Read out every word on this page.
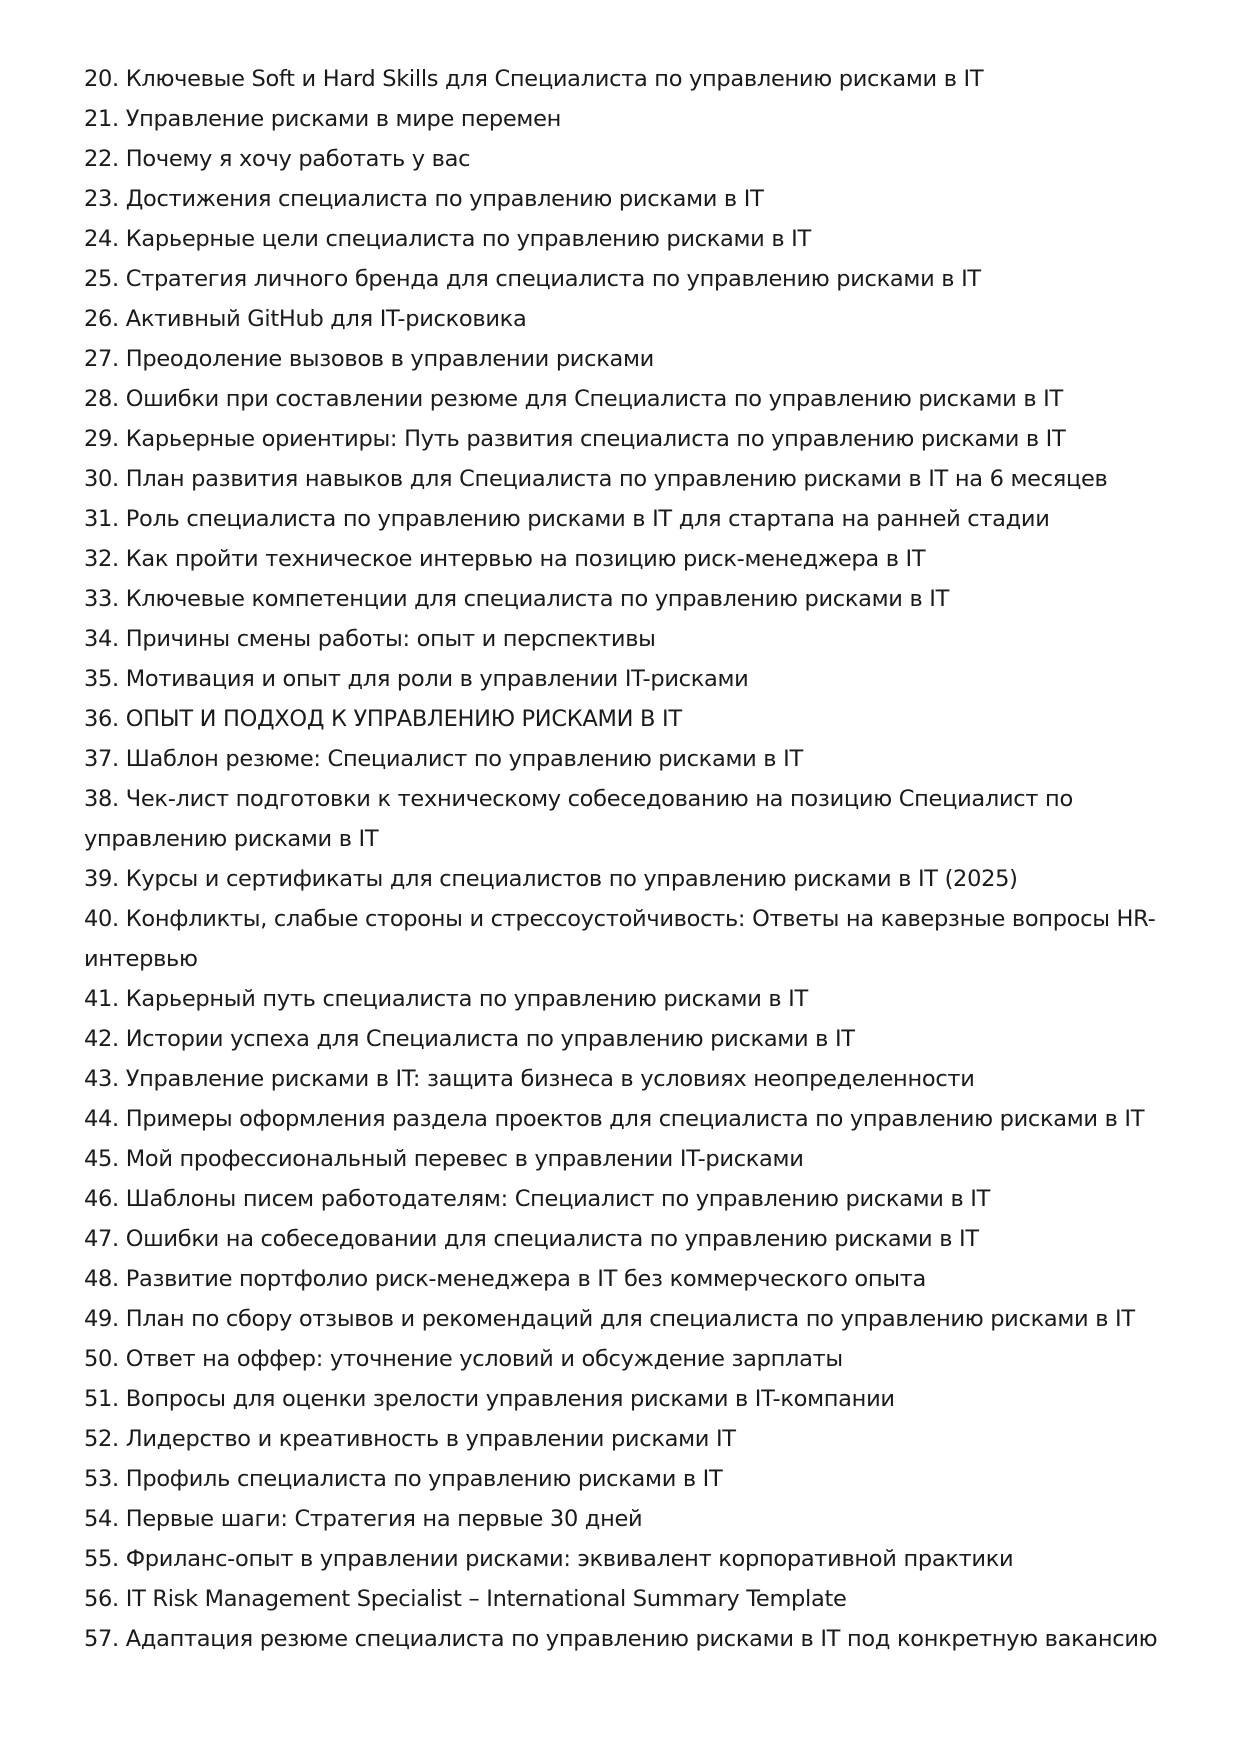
20. Ключевые Soft и Hard Skills для Специалиста по управлению рисками в IT
21. Управление рисками в мире перемен
22. Почему я хочу работать у вас
23. Достижения специалиста по управлению рисками в IT
24. Карьерные цели специалиста по управлению рисками в IT
25. Стратегия личного бренда для специалиста по управлению рисками в IT
26. Активный GitHub для IT-рисковика
27. Преодоление вызовов в управлении рисками
28. Ошибки при составлении резюме для Специалиста по управлению рисками в IT
29. Карьерные ориентиры: Путь развития специалиста по управлению рисками в IT
30. План развития навыков для Специалиста по управлению рисками в IT на 6 месяцев
31. Роль специалиста по управлению рисками в IT для стартапа на ранней стадии
32. Как пройти техническое интервью на позицию риск-менеджера в IT
33. Ключевые компетенции для специалиста по управлению рисками в IT
34. Причины смены работы: опыт и перспективы
35. Мотивация и опыт для роли в управлении IT-рисками
36. ОПЫТ И ПОДХОД К УПРАВЛЕНИЮ РИСКАМИ В IT
37. Шаблон резюме: Специалист по управлению рисками в IT
38. Чек-лист подготовки к техническому собеседованию на позицию Специалист по управлению рисками в IT
39. Курсы и сертификаты для специалистов по управлению рисками в IT (2025)
40. Конфликты, слабые стороны и стрессоустойчивость: Ответы на каверзные вопросы HR-интервью
41. Карьерный путь специалиста по управлению рисками в IT
42. Истории успеха для Специалиста по управлению рисками в IT
43. Управление рисками в IT: защита бизнеса в условиях неопределенности
44. Примеры оформления раздела проектов для специалиста по управлению рисками в IT
45. Мой профессиональный перевес в управлении IT-рисками
46. Шаблоны писем работодателям: Специалист по управлению рисками в IT
47. Ошибки на собеседовании для специалиста по управлению рисками в IT
48. Развитие портфолио риск-менеджера в IT без коммерческого опыта
49. План по сбору отзывов и рекомендаций для специалиста по управлению рисками в IT
50. Ответ на оффер: уточнение условий и обсуждение зарплаты
51. Вопросы для оценки зрелости управления рисками в IT-компании
52. Лидерство и креативность в управлении рисками IT
53. Профиль специалиста по управлению рисками в IT
54. Первые шаги: Стратегия на первые 30 дней
55. Фриланс-опыт в управлении рисками: эквивалент корпоративной практики
56. IT Risk Management Specialist – International Summary Template
57. Адаптация резюме специалиста по управлению рисками в IT под конкретную вакансию
